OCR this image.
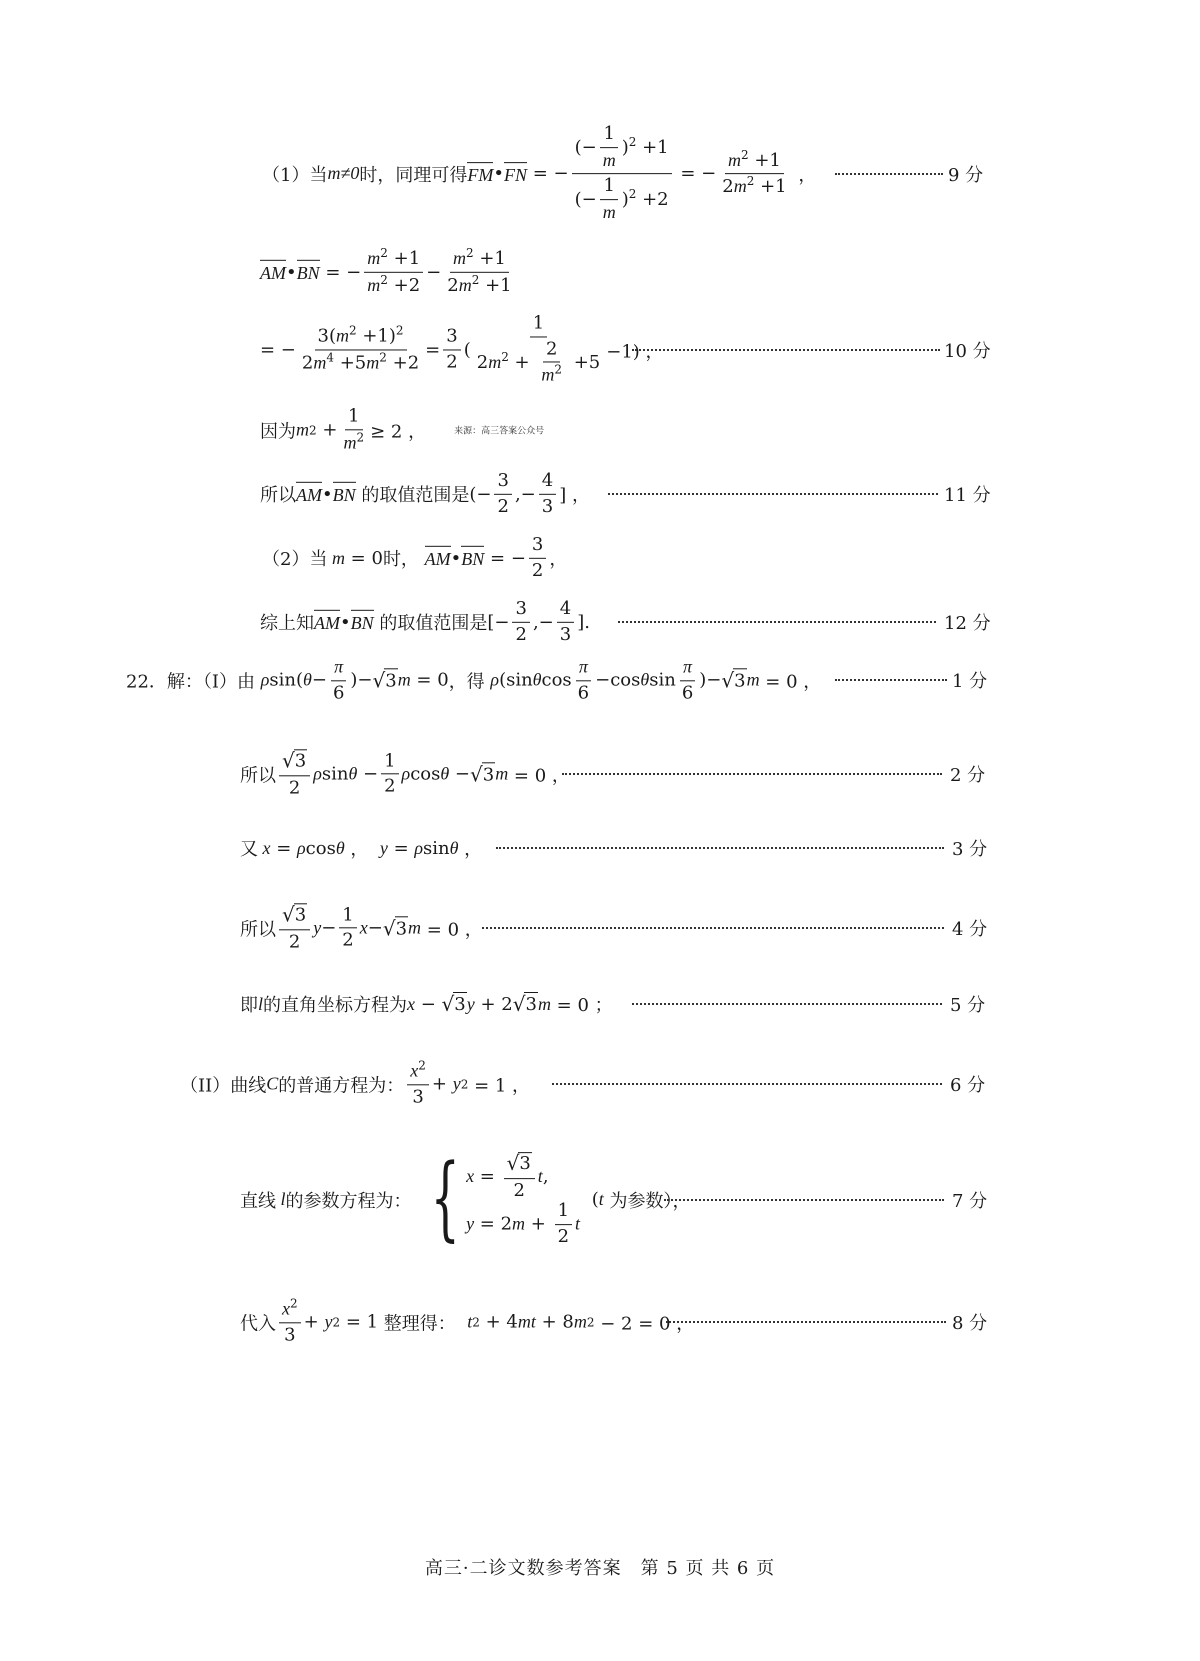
（1）当 m≠0 时，同理可得 FM • FN = − $\frac{(- \frac{1}{m} )^2 +1}{(- \frac{1}{m} )^2 +2}$ = − $\frac{m^2 +1}{2m^2 +1}$ ，	9 分
AM • BN = − $\frac{m^2 +1}{m^2 +2} - \frac{m^2 +1}{2m^2 +1}$
= − $\frac{3(m^2 +1)^2}{2m^4 +5m^2 +2} = \frac{3}{2}$ ( $\frac{1}{2m^2 + \frac{2}{m^2} +5} -1$) ，	10 分
因为 m $2 + \frac{1}{m^2} \ge 2$ ，	来源：高三答案公众号
所以 AM • BN
的取值范围是 (− $\frac{3}{2}$ ,− $\frac{4}{3}$ ] ，	11 分
（2）当 m = 0 时，
AM • BN = − $\frac{3}{2}$ ，
综上知 AM • BN
的取值范围是 [− $\frac{3}{2}$ ,− $\frac{4}{3}$ ].	12 分
22．解：（I）由
ρ sin( $\theta - \frac{\pi}{6}$ )− √ 3 m = 0 ，得
ρ (sin θ $\cos \frac{\pi}{6} -\cos$ θ $\sin \frac{\pi}{6}$ )− √ 3 m = 0 ，	1 分
所以 $\frac{√ 3}{2}$ ρ $\sin \theta - \frac{1}{2}$ ρ cos θ − √ 3 m = 0 ，	2 分
又 x = ρ cos θ ， y = ρ sin θ ，	3 分
所以 $\frac{√ 3}{2}$ $y - \frac{1}{2}$ x − √ 3 m = 0 ，	4 分
即 l 的直角坐标方程为 x − √ 3 y + 2 √ 3 m = 0 ；	5 分
（II）曲线 C 的普通方程为： $\frac{x^2}{3} + y$ 2 = 1 ，	6 分
直线
l 的参数方程为： { $x = \frac{√ 3}{2} t$,
$y = 2m + \frac{1}{2}$ t
( t
为参数），	7 分
代入 $\frac{x^2}{3} + y$ 2 = 1 整理得：
t 2 + 4 mt + 8 m 2 − 2 = 0 ，	8 分
高三·二诊文数参考答案　第 5 页 共 6 页
